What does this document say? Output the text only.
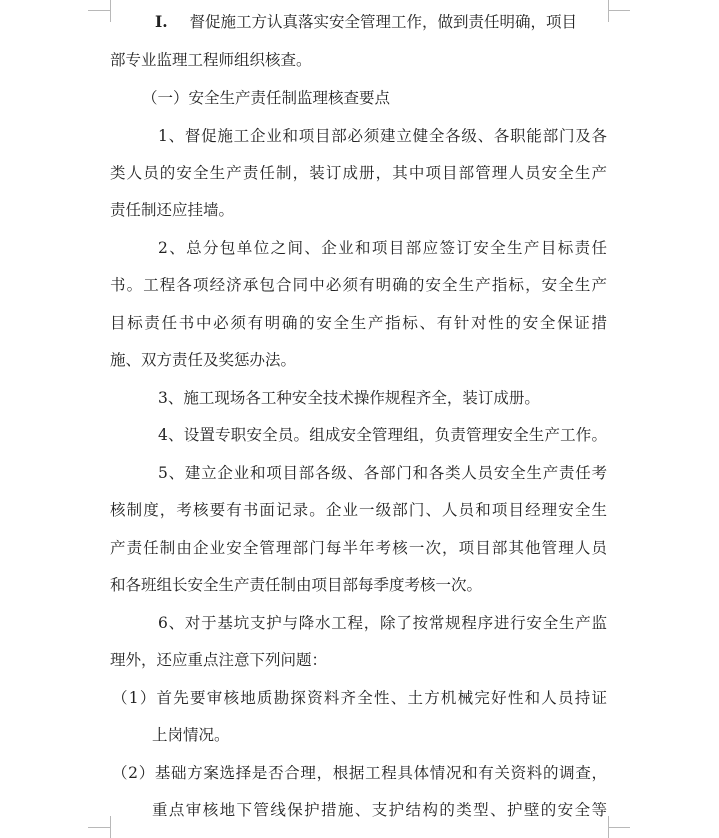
I. 督促施工方认真落实安全管理工作，做到责任明确，项目
部专业监理工程师组织核查。
（一）安全生产责任制监理核查要点
1、督促施工企业和项目部必须建立健全各级、各职能部门及各
类人员的安全生产责任制，装订成册，其中项目部管理人员安全生产
责任制还应挂墙。
2、总分包单位之间、企业和项目部应签订安全生产目标责任
书。工程各项经济承包合同中必须有明确的安全生产指标，安全生产
目标责任书中必须有明确的安全生产指标、有针对性的安全保证措
施、双方责任及奖惩办法。
3、施工现场各工种安全技术操作规程齐全，装订成册。
4、设置专职安全员。组成安全管理组，负责管理安全生产工作。
5、建立企业和项目部各级、各部门和各类人员安全生产责任考
核制度，考核要有书面记录。企业一级部门、人员和项目经理安全生
产责任制由企业安全管理部门每半年考核一次，项目部其他管理人员
和各班组长安全生产责任制由项目部每季度考核一次。
6、对于基坑支护与降水工程，除了按常规程序进行安全生产监
理外，还应重点注意下列问题：
（1）首先要审核地质勘探资料齐全性、土方机械完好性和人员持证
上岗情况。
（2）基础方案选择是否合理，根据工程具体情况和有关资料的调查，
重点审核地下管线保护措施、支护结构的类型、护壁的安全等
